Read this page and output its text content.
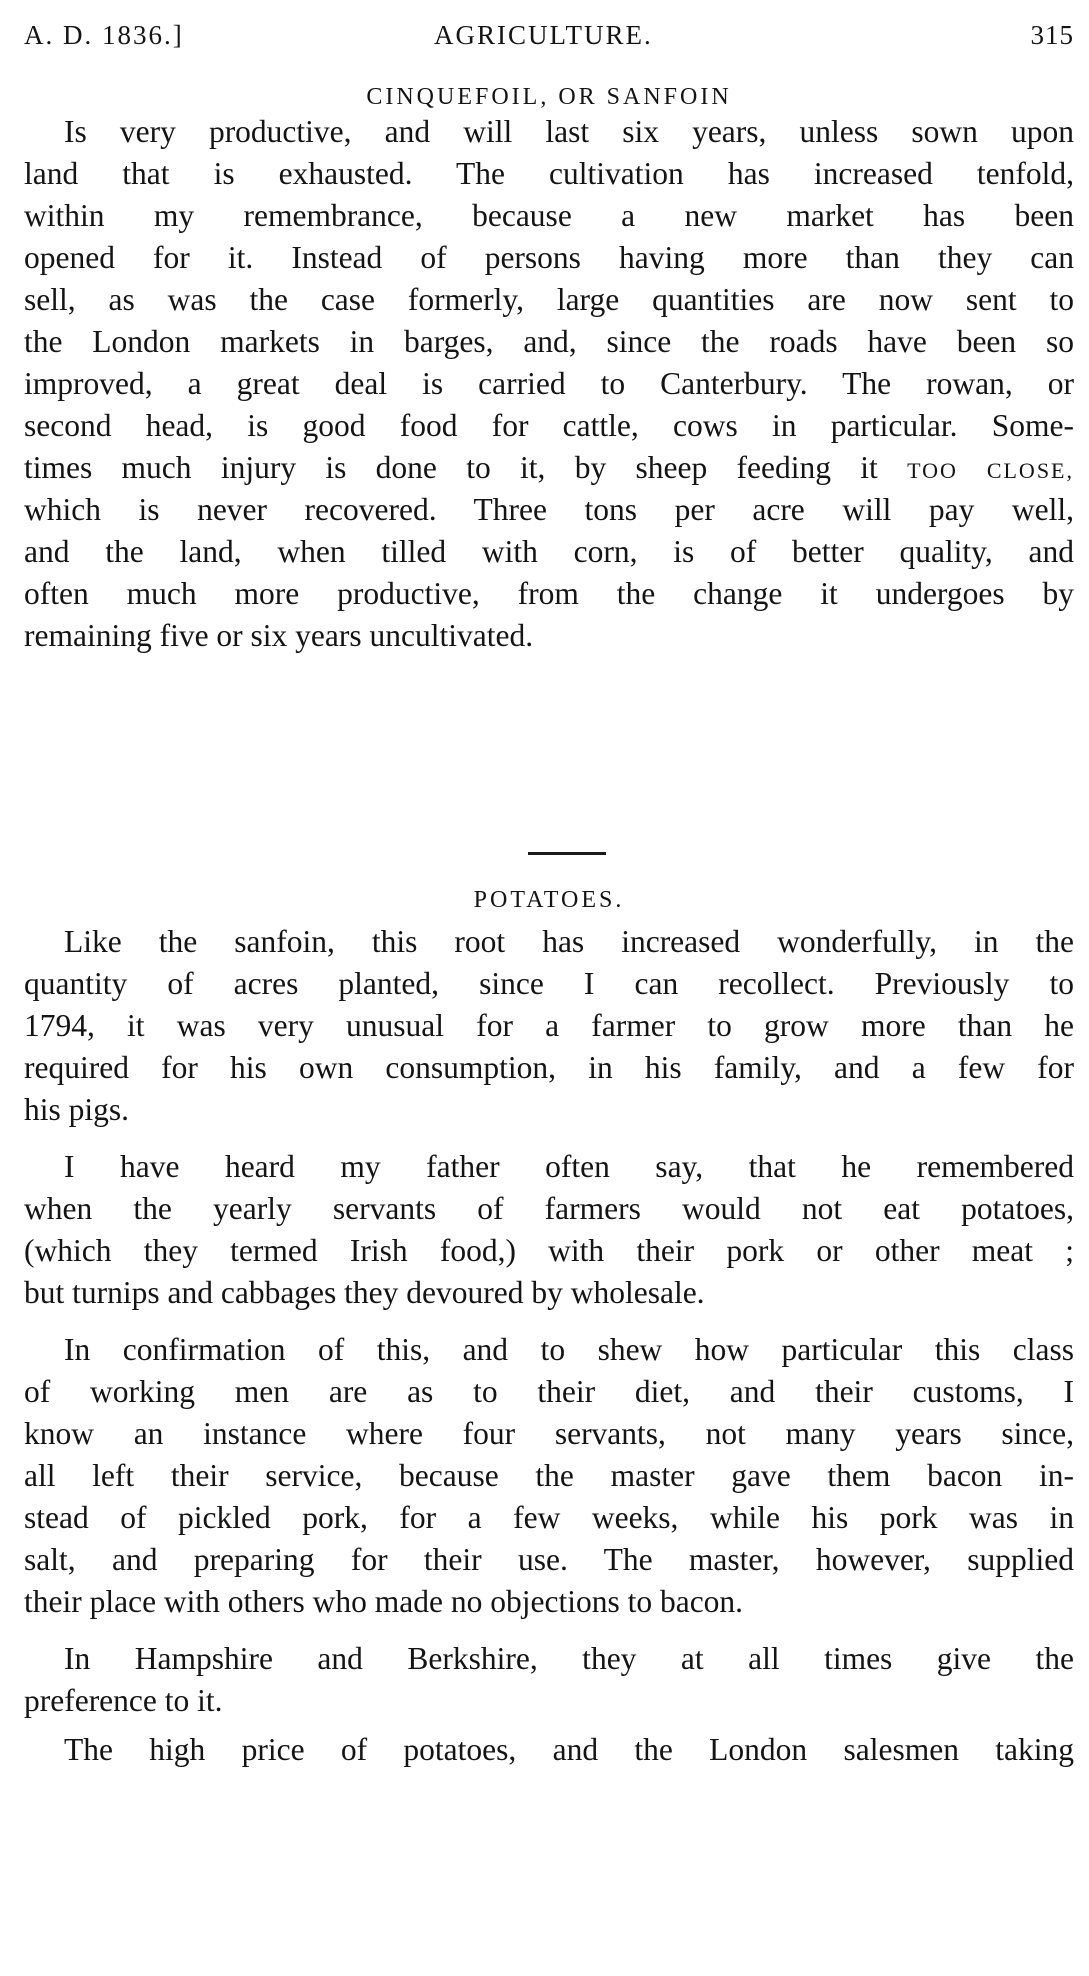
A. D. 1836.]	AGRICULTURE.	315
CINQUEFOIL, OR SANFOIN
Is very productive, and will last six years, unless sown upon
land that is exhausted. The cultivation has increased tenfold,
within my remembrance, because a new market has been
opened for it. Instead of persons having more than they can
sell, as was the case formerly, large quantities are now sent to
the London markets in barges, and, since the roads have been so
improved, a great deal is carried to Canterbury. The rowan, or
second head, is good food for cattle, cows in particular. Some-
times much injury is done to it, by sheep feeding it TOO CLOSE,
which is never recovered. Three tons per acre will pay well,
and the land, when tilled with corn, is of better quality, and
often much more productive, from the change it undergoes by
remaining five or six years uncultivated.
POTATOES.
Like the sanfoin, this root has increased wonderfully, in the
quantity of acres planted, since I can recollect. Previously to
1794, it was very unusual for a farmer to grow more than he
required for his own consumption, in his family, and a few for
his pigs.
I have heard my father often say, that he remembered
when the yearly servants of farmers would not eat potatoes,
(which they termed Irish food,) with their pork or other meat ;
but turnips and cabbages they devoured by wholesale.
In confirmation of this, and to shew how particular this class
of working men are as to their diet, and their customs, I
know an instance where four servants, not many years since,
all left their service, because the master gave them bacon in-
stead of pickled pork, for a few weeks, while his pork was in
salt, and preparing for their use. The master, however, supplied
their place with others who made no objections to bacon.
In Hampshire and Berkshire, they at all times give the
preference to it.
The high price of potatoes, and the London salesmen taking
